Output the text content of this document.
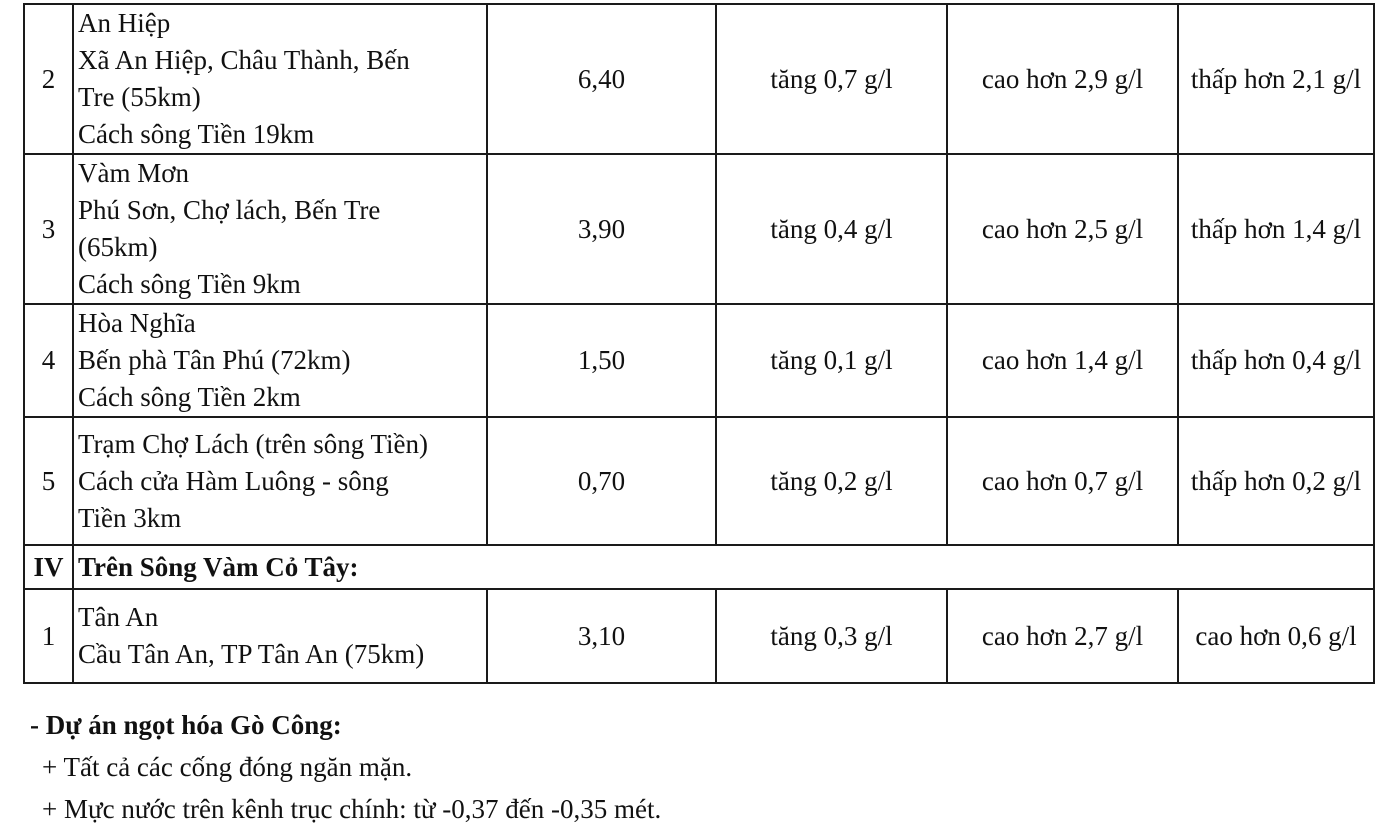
2	An Hiệp
Xã An Hiệp, Châu Thành, Bến
Tre (55km)
Cách sông Tiền 19km	6,40	tăng 0,7 g/l	cao hơn 2,9 g/l	thấp hơn 2,1 g/l
3	Vàm Mơn
Phú Sơn, Chợ lách, Bến Tre
(65km)
Cách sông Tiền 9km	3,90	tăng 0,4 g/l	cao hơn 2,5 g/l	thấp hơn 1,4 g/l
4	Hòa Nghĩa
Bến phà Tân Phú (72km)
Cách sông Tiền 2km	1,50	tăng 0,1 g/l	cao hơn 1,4 g/l	thấp hơn 0,4 g/l
5	Trạm Chợ Lách (trên sông Tiền)
Cách cửa Hàm Luông - sông
Tiền 3km	0,70	tăng 0,2 g/l	cao hơn 0,7 g/l	thấp hơn 0,2 g/l
IV	Trên Sông Vàm Cỏ Tây:				
1	Tân An
Cầu Tân An, TP Tân An (75km)	3,10	tăng 0,3 g/l	cao hơn 2,7 g/l	cao hơn 0,6 g/l
- Dự án ngọt hóa Gò Công:
+ Tất cả các cống đóng ngăn mặn.
+ Mực nước trên kênh trục chính: từ -0,37 đến -0,35 mét.
